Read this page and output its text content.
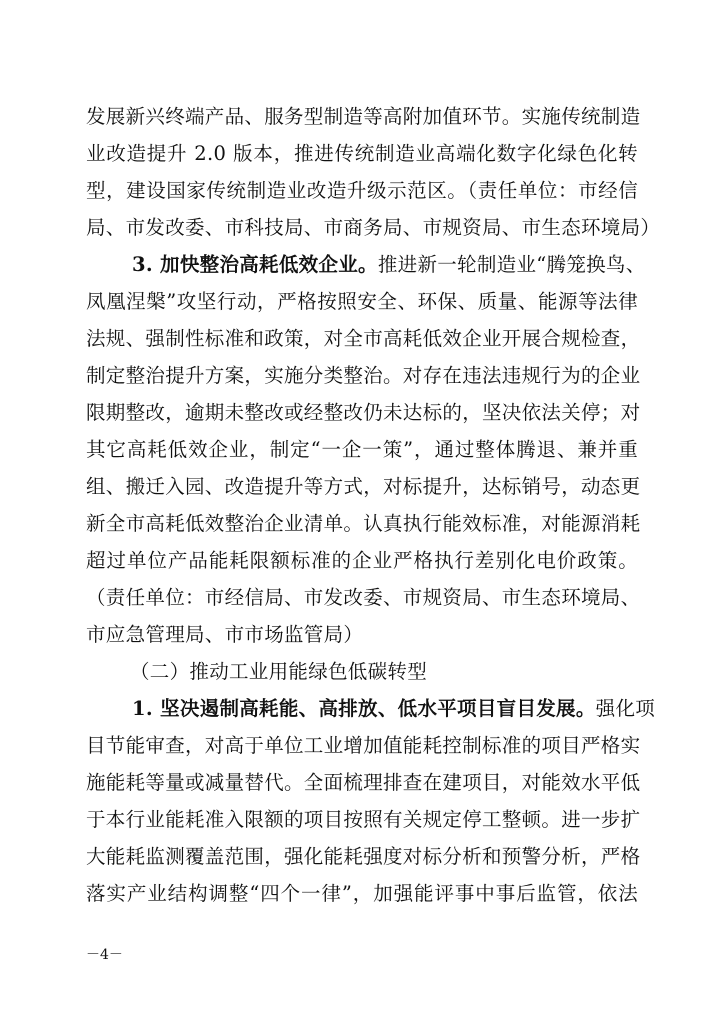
发展新兴终端产品、服务型制造等高附加值环节。实施传统制造
业改造提升 2.0 版本，推进传统制造业高端化数字化绿色化转
型，建设国家传统制造业改造升级示范区。（责任单位：市经信
局、市发改委、市科技局、市商务局、市规资局、市生态环境局）
3. 加快整治高耗低效企业。推进新一轮制造业“腾笼换鸟、
凤凰涅槃”攻坚行动，严格按照安全、环保、质量、能源等法律
法规、强制性标准和政策，对全市高耗低效企业开展合规检查，
制定整治提升方案，实施分类整治。对存在违法违规行为的企业
限期整改，逾期未整改或经整改仍未达标的，坚决依法关停；对
其它高耗低效企业，制定“一企一策”，通过整体腾退、兼并重
组、搬迁入园、改造提升等方式，对标提升，达标销号，动态更
新全市高耗低效整治企业清单。认真执行能效标准，对能源消耗
超过单位产品能耗限额标准的企业严格执行差别化电价政策。
（责任单位：市经信局、市发改委、市规资局、市生态环境局、
市应急管理局、市市场监管局）
（二）推动工业用能绿色低碳转型
1. 坚决遏制高耗能、高排放、低水平项目盲目发展。强化项
目节能审查，对高于单位工业增加值能耗控制标准的项目严格实
施能耗等量或减量替代。全面梳理排查在建项目，对能效水平低
于本行业能耗准入限额的项目按照有关规定停工整顿。进一步扩
大能耗监测覆盖范围，强化能耗强度对标分析和预警分析，严格
落实产业结构调整“四个一律”，加强能评事中事后监管，依法
－4－
